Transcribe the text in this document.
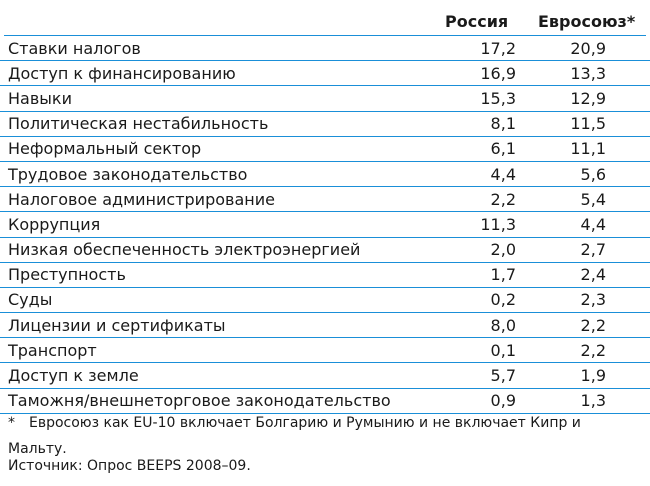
Россия Евросоюз*
Ставки налогов	17,2	20,9	
Доступ к финансированию	16,9	13,3	
Навыки	15,3	12,9	
Политическая нестабильность	8,1	11,5	
Неформальный сектор	6,1	11,1	
Трудовое законодательство	4,4	5,6	
Налоговое администрирование	2,2	5,4	
Коррупция	11,3	4,4	
Низкая обеспеченность электроэнергией	2,0	2,7	
Преступность	1,7	2,4	
Суды	0,2	2,3	
Лицензии и сертификаты	8,0	2,2	
Транспорт	0,1	2,2	
Доступ к земле	5,7	1,9	
Таможня/внешнеторговое законодательство	0,9	1,3	
* Евросоюз как EU-10 включает Болгарию и Румынию и не включает Кипр и Мальту.
Источник: Опрос BEEPS 2008–09.
